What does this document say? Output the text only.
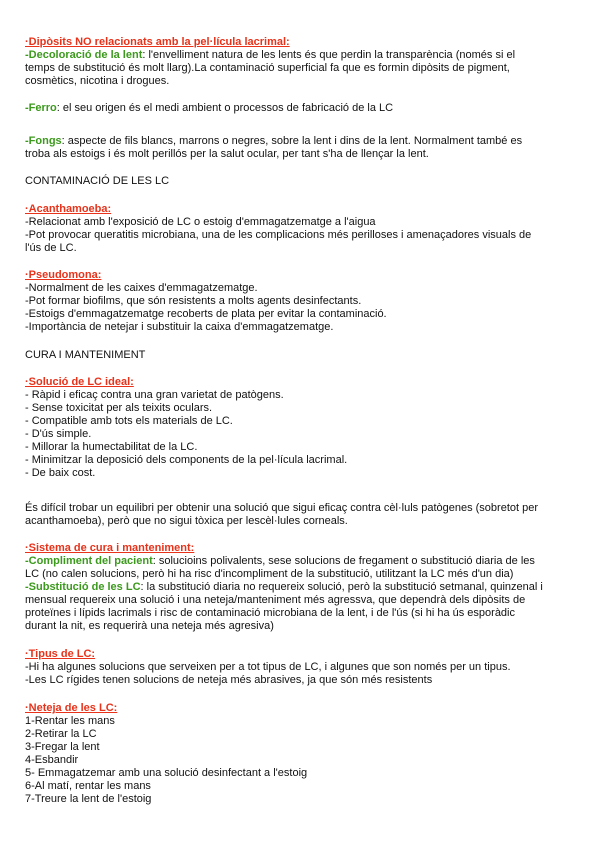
·Dipòsits NO relacionats amb la pel·lícula lacrimal:
-Decoloració de la lent: l'envelliment natura de les lents és que perdin la transparència (només si el
temps de substitució és molt llarg).La contaminació superficial fa que es formin dipòsits de pigment,
cosmètics, nicotina i drogues.
-Ferro: el seu origen és el medi ambient o processos de fabricació de la LC
-Fongs: aspecte de fils blancs, marrons o negres, sobre la lent i dins de la lent. Normalment també es
troba als estoigs i és molt perillós per la salut ocular, per tant s'ha de llençar la lent.
CONTAMINACIÓ DE LES LC
·Acanthamoeba:
-Relacionat amb l'exposició de LC o estoig d'emmagatzematge a l'aigua
-Pot provocar queratitis microbiana, una de les complicacions més perilloses i amenaçadores visuals de
l'ús de LC.
·Pseudomona:
-Normalment de les caixes d'emmagatzematge.
-Pot formar biofilms, que són resistents a molts agents desinfectants.
-Estoigs d'emmagatzematge recoberts de plata per evitar la contaminació.
-Importància de netejar i substituir la caixa d'emmagatzematge.
CURA I MANTENIMENT
·Solució de LC ideal:
- Ràpid i eficaç contra una gran varietat de patògens.
- Sense toxicitat per als teixits oculars.
- Compatible amb tots els materials de LC.
- D'ús simple.
- Millorar la humectabilitat de la LC.
- Minimitzar la deposició dels components de la pel·lícula lacrimal.
- De baix cost.
És difícil trobar un equilibri per obtenir una solució que sigui eficaç contra cèl·luls patògenes (sobretot per
acanthamoeba), però que no sigui tòxica per lescèl·lules corneals.
·Sistema de cura i manteniment:
-Compliment del pacient: solucioins polivalents, sese solucions de fregament o substitució diaria de les
LC (no calen solucions, però hi ha risc d'incompliment de la substitució, utilitzant la LC més d'un dia)
-Substitució de les LC: la substitució diaria no requereix solució, però la substitució setmanal, quinzenal i
mensual requereix una solució i una neteja/manteniment més agressva, que dependrà dels dipòsits de
proteïnes i lípids lacrimals i risc de contaminació microbiana de la lent, i de l'ús (si hi ha ús esporàdic
durant la nit, es requerirà una neteja més agresiva)
·Tipus de LC:
-Hi ha algunes solucions que serveixen per a tot tipus de LC, i algunes que son només per un tipus.
-Les LC rígides tenen solucions de neteja més abrasives, ja que són més resistents
·Neteja de les LC:
1-Rentar les mans
2-Retirar la LC
3-Fregar la lent
4-Esbandir
5- Emmagatzemar amb una solució desinfectant a l'estoig
6-Al matí, rentar les mans
7-Treure la lent de l'estoig
